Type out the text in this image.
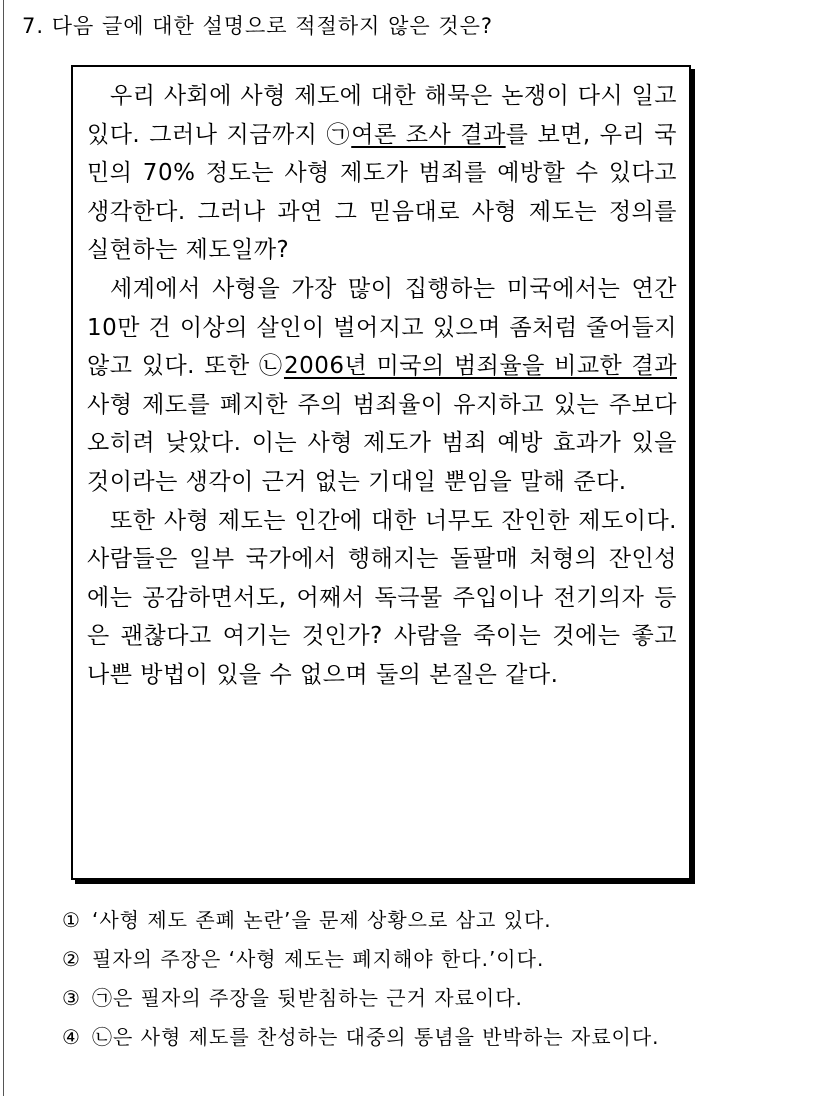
7. 다음 글에 대한 설명으로 적절하지 않은 것은?

우리 사회에 사형 제도에 대한 해묵은 논쟁이 다시 일고 있다. 그러나 지금까지 ㉠여론 조사 결과를 보면, 우리 국민의 70% 정도는 사형 제도가 범죄를 예방할 수 있다고 생각한다. 그러나 과연 그 믿음대로 사형 제도는 정의를 실현하는 제도일까?

세계에서 사형을 가장 많이 집행하는 미국에서는 연간 10만 건 이상의 살인이 벌어지고 있으며 좀처럼 줄어들지 않고 있다. 또한 ㉡2006년 미국의 범죄율을 비교한 결과 사형 제도를 폐지한 주의 범죄율이 유지하고 있는 주보다 오히려 낮았다. 이는 사형 제도가 범죄 예방 효과가 있을 것이라는 생각이 근거 없는 기대일 뿐임을 말해 준다.

또한 사형 제도는 인간에 대한 너무도 잔인한 제도이다. 사람들은 일부 국가에서 행해지는 돌팔매 처형의 잔인성에는 공감하면서도, 어째서 독극물 주입이나 전기의자 등은 괜찮다고 여기는 것인가? 사람을 죽이는 것에는 좋고 나쁜 방법이 있을 수 없으며 둘의 본질은 같다.

① ‘사형 제도 존폐 논란’을 문제 상황으로 삼고 있다.
② 필자의 주장은 ‘사형 제도는 폐지해야 한다.’이다.
③ ㉠은 필자의 주장을 뒷받침하는 근거 자료이다.
④ ㉡은 사형 제도를 찬성하는 대중의 통념을 반박하는 자료이다.
